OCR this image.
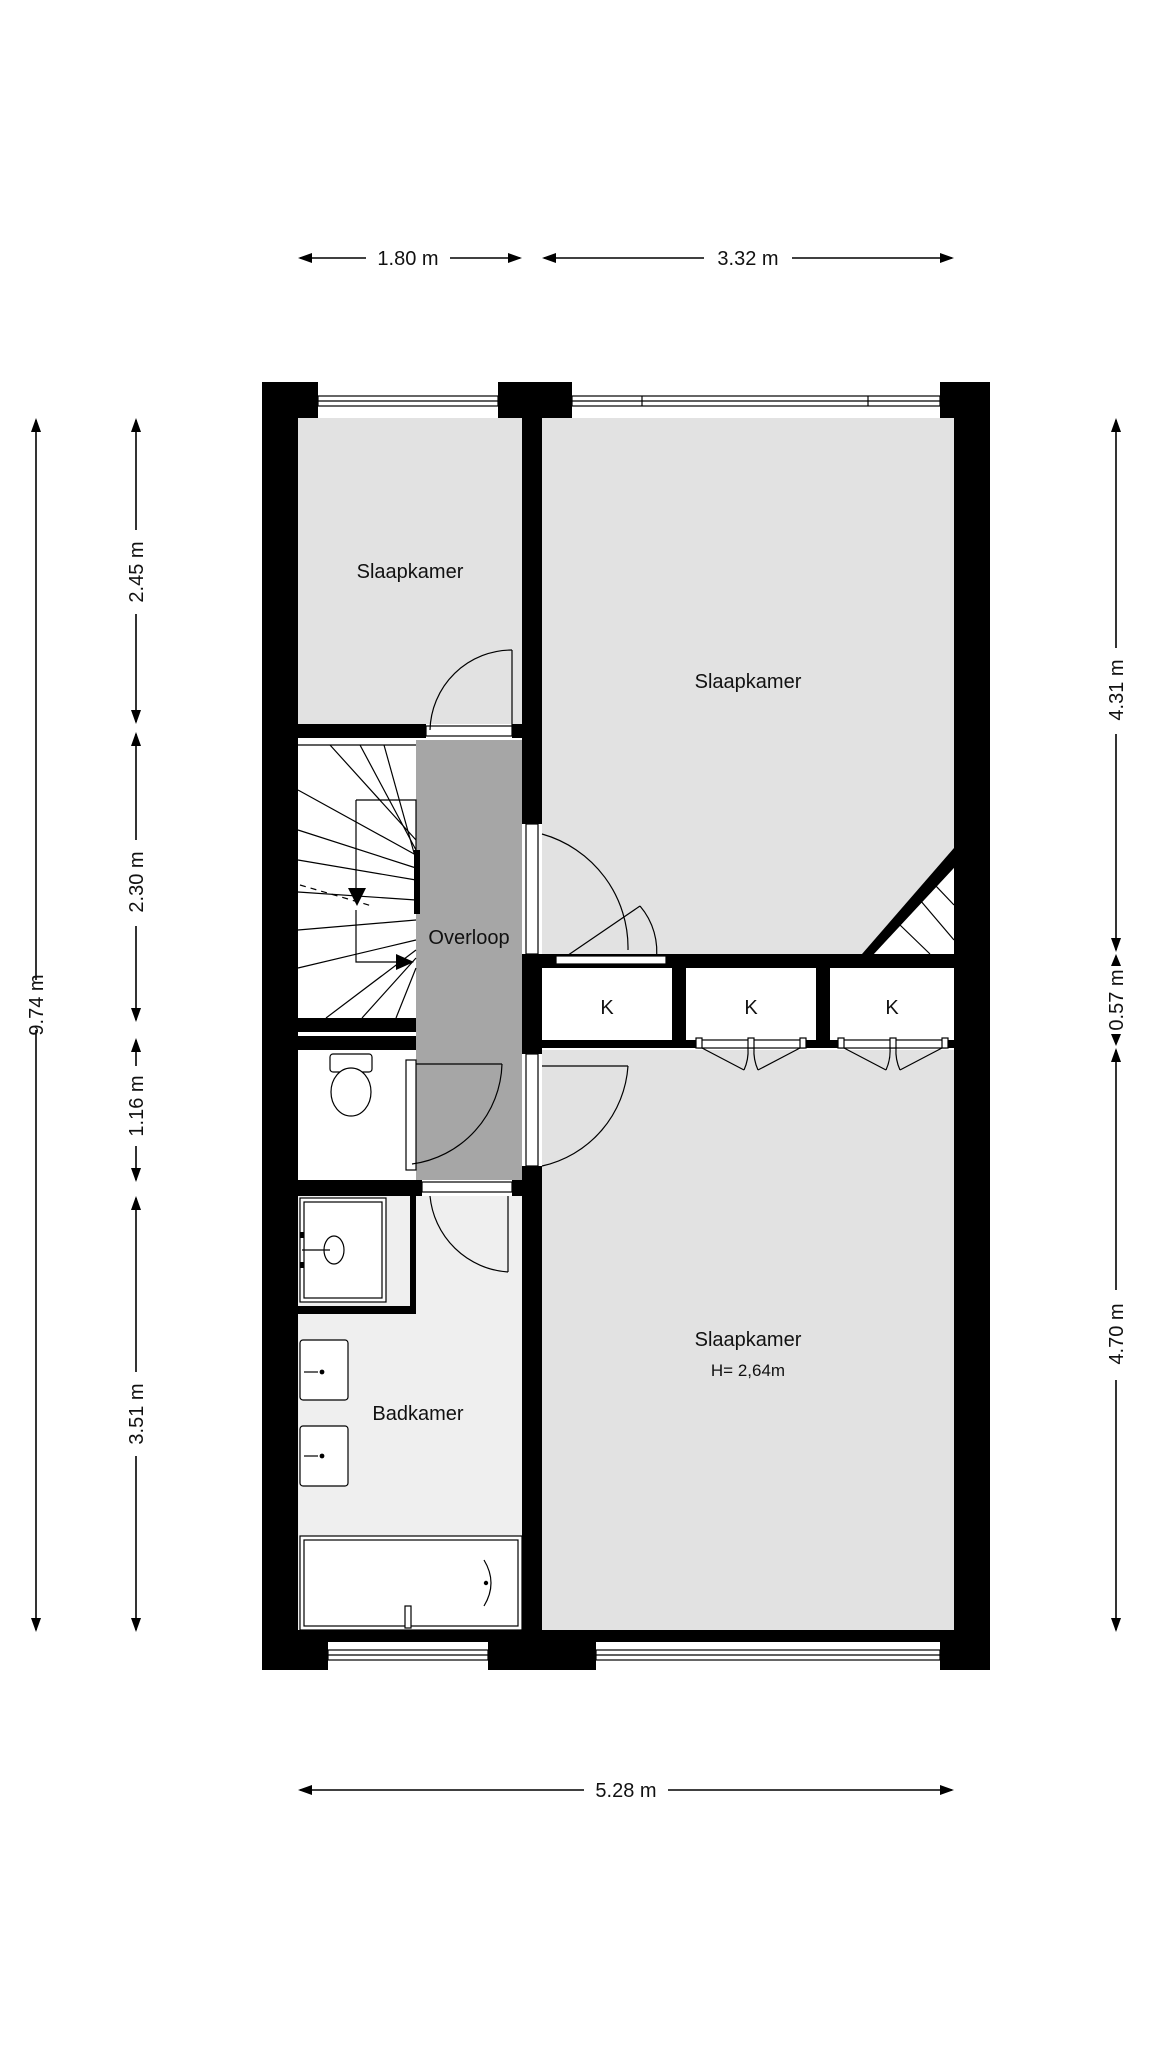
Slaapkamer
Slaapkamer
Overloop
K	K	K
Slaapkamer
H= 2,64m
Badkamer
1.80 m	3.32 m
5.28 m
9.74 m
2.45 m
2.30 m
1.16 m
3.51 m
4.31 m
0.57 m
4.70 m
